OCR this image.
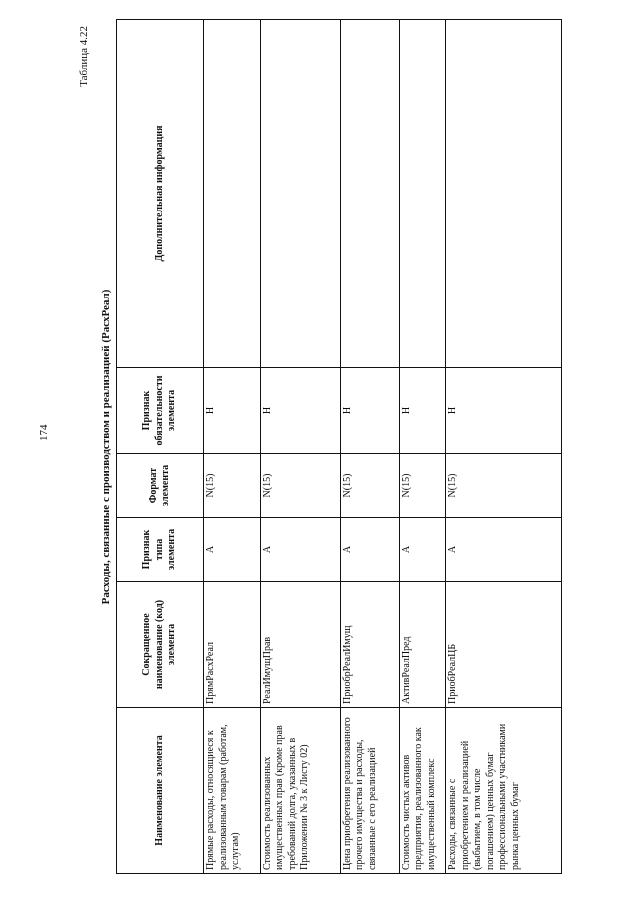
174
Таблица 4.22
Расходы, связанные с производством и реализацией (РасхРеал)
Наименование элемента	Сокращенное наименование (код) элемента	Признак типа элемента	Формат элемента	Признак обязательности элемента	Дополнительная информация
Прямые расходы, относящиеся к реализованным товарам (работам, услугам)	ПрямРасхРеал	А	N(15)	Н	
Стоимость реализованных имущественных прав (кроме прав требований долга, указанных в Приложении № 3 к Листу 02)	РеалИмущПрав	А	N(15)	Н	
Цена приобретения реализованного прочего имущества и расходы, связанные с его реализацией	ПриобрРеалИмущ	А	N(15)	Н	
Стоимость чистых активов предприятия, реализованного как имущественный комплекс	АктивРеалПред	А	N(15)	Н	
Расходы, связанные с приобретением и реализацией (выбытием, в том числе погашением) ценных бумаг профессиональными участниками рынка ценных бумаг	ПриобРеалЦБ	А	N(15)	Н	
